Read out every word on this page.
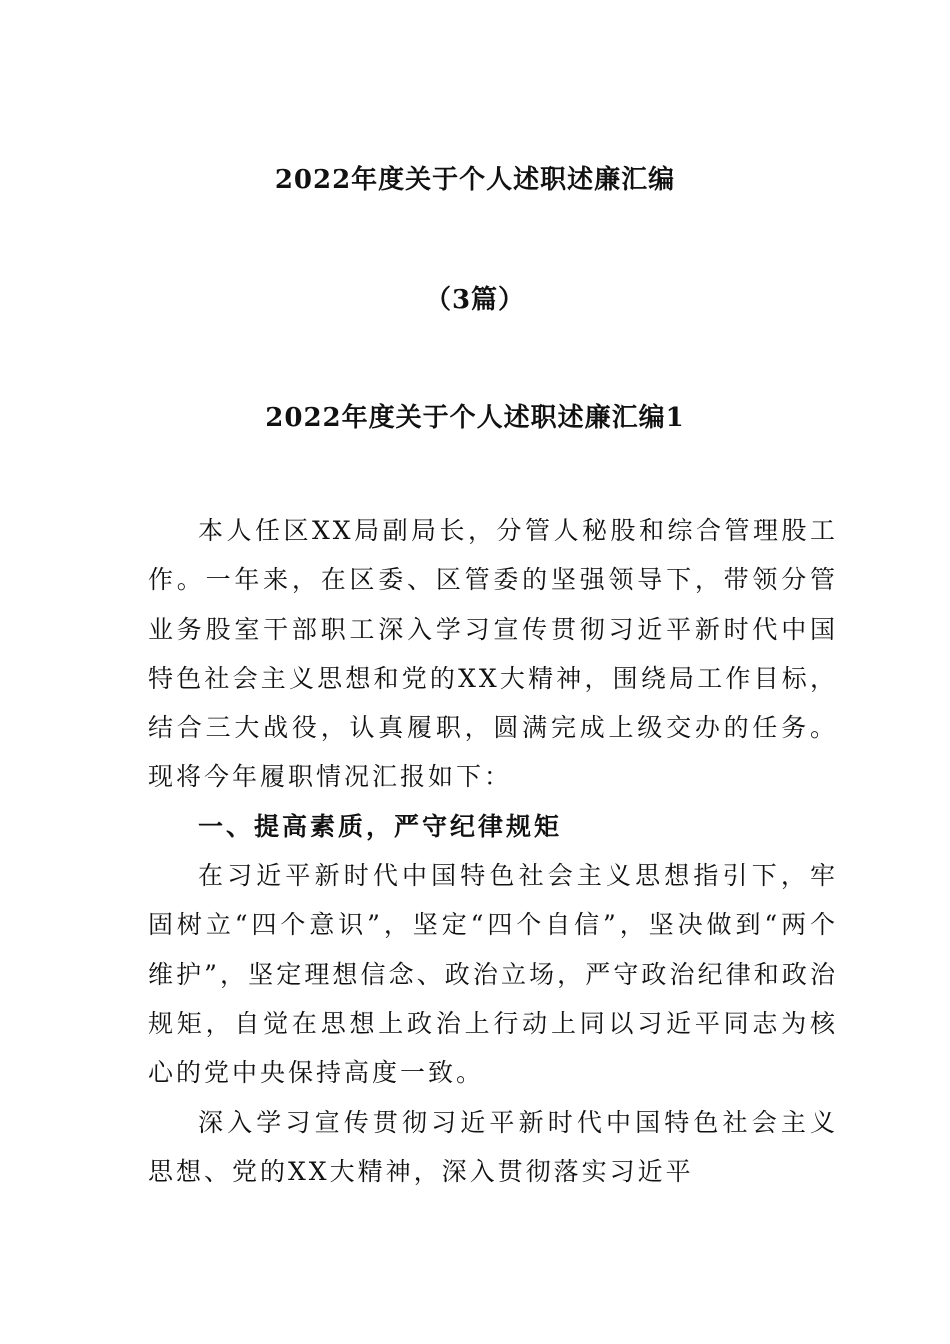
2022年度关于个人述职述廉汇编
（3篇）
2022年度关于个人述职述廉汇编1

本人任区XX局副局长，分管人秘股和综合管理股工作。一年来，在区委、区管委的坚强领导下，带领分管业务股室干部职工深入学习宣传贯彻习近平新时代中国特色社会主义思想和党的XX大精神，围绕局工作目标，结合三大战役，认真履职，圆满完成上级交办的任务。现将今年履职情况汇报如下：

一、提高素质，严守纪律规矩

在习近平新时代中国特色社会主义思想指引下，牢固树立“四个意识”，坚定“四个自信”，坚决做到“两个维护”，坚定理想信念、政治立场，严守政治纪律和政治规矩，自觉在思想上政治上行动上同以习近平同志为核心的党中央保持高度一致。

深入学习宣传贯彻习近平新时代中国特色社会主义思想、党的XX大精神，深入贯彻落实习近平
